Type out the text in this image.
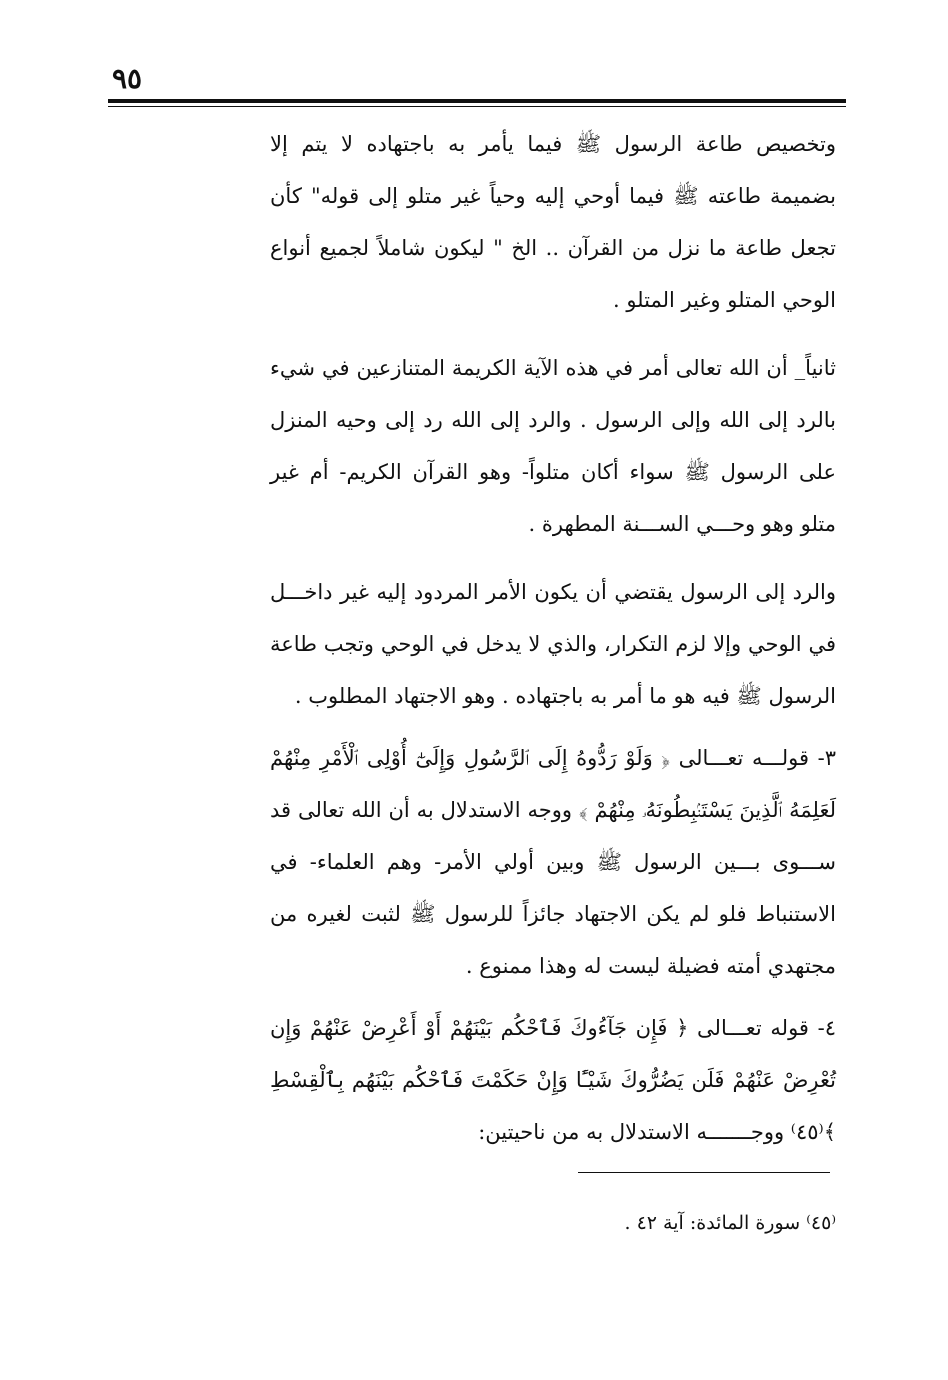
٩٥

وتخصيص طاعة الرسول ﷺ فيما يأمر به باجتهاده لا يتم إلا بضميمة طاعته ﷺ فيما أوحي إليه وحياً غير متلو إلى قوله" كأن تجعل طاعة ما نزل من القرآن .. الخ " ليكون شاملاً لجميع أنواع الوحي المتلو وغير المتلو .

ثانياً_ أن الله تعالى أمر في هذه الآية الكريمة المتنازعين في شيء بالرد إلى الله وإلى الرسول . والرد إلى الله رد إلى وحيه المنزل على الرسول ﷺ سواء أكان متلواً- وهو القرآن الكريم- أم غير متلو وهو وحـــي الســـنة المطهرة .

والرد إلى الرسول يقتضي أن يكون الأمر المردود إليه غير داخـــل في الوحي وإلا لزم التكرار، والذي لا يدخل في الوحي وتجب طاعة الرسول ﷺ فيه هو ما أمر به باجتهاده . وهو الاجتهاد المطلوب .

٣- قولـــه تعـــالى ﴿ وَلَوْ رَدُّوهُ إِلَى ٱلرَّسُولِ وَإِلَىٰٓ أُوْلِى ٱلْأَمْرِ مِنْهُمْ لَعَلِمَهُ ٱلَّذِينَ يَسْتَنۢبِطُونَهُۥ مِنْهُمْ ﴾ ووجه الاستدلال به أن الله تعالى قد ســـوى بـــين الرسول ﷺ وبين أولي الأمر- وهم العلماء- في الاستنباط فلو لم يكن الاجتهاد جائزاً للرسول ﷺ لثبت لغيره من مجتهدي أمته فضيلة ليست له وهذا ممنوع .

٤- قوله تعـــالى ﴿ فَإِن جَآءُوكَ فَٱحْكُم بَيْنَهُمْ أَوْ أَعْرِضْ عَنْهُمْ وَإِن تُعْرِضْ عَنْهُمْ فَلَن يَضُرُّوكَ شَيْـًٔا وَإِنْ حَكَمْتَ فَٱحْكُم بَيْنَهُم بِٱلْقِسْطِ ﴾⁽٤٥⁾ ووجـــــــه الاستدلال به من ناحيتين:

⁽٤٥⁾ سورة المائدة: آية ٤٢ .
